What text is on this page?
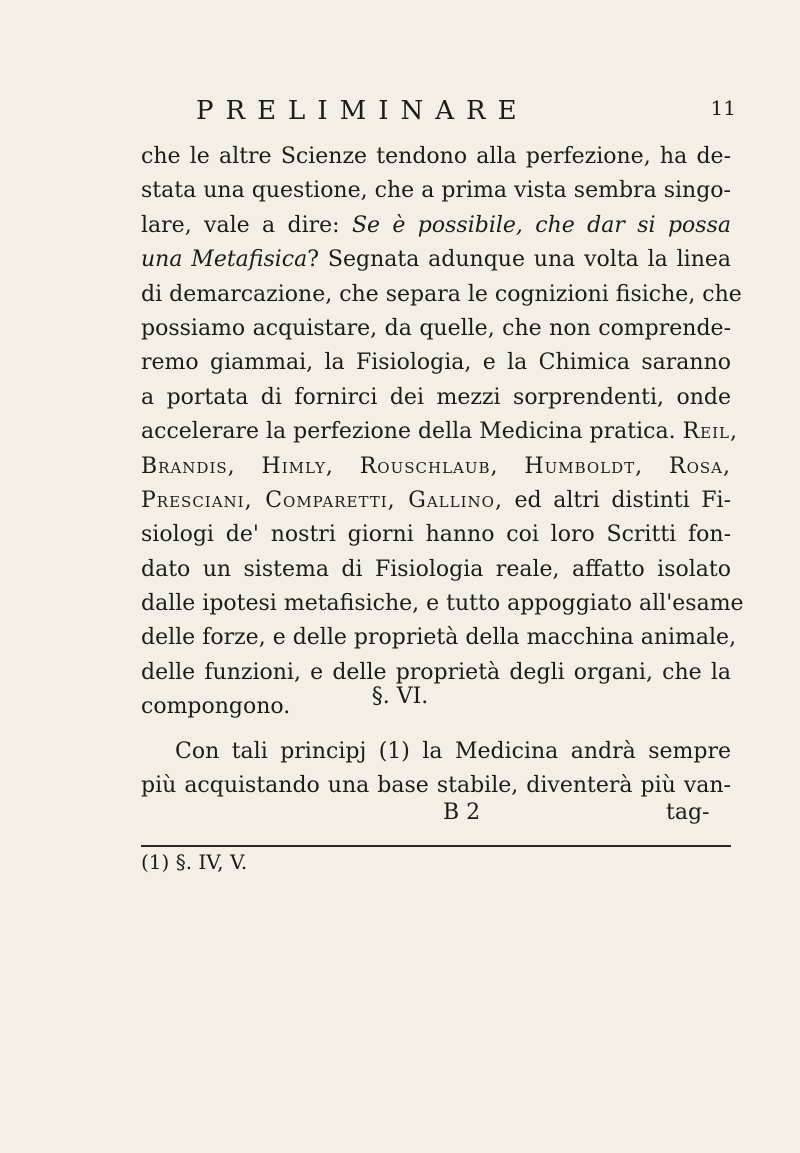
PRELIMINARE	11
che le altre Scienze tendono alla perfezione, ha de-
stata una questione, che a prima vista sembra singo-
lare, vale a dire: Se è possibile, che dar si possa
una Metafisica? Segnata adunque una volta la linea
di demarcazione, che separa le cognizioni fisiche, che
possiamo acquistare, da quelle, che non comprende-
remo giammai, la Fisiologia, e la Chimica saranno
a portata di fornirci dei mezzi sorprendenti, onde
accelerare la perfezione della Medicina pratica. Reil,
Brandis, Himly, Rouschlaub, Humboldt, Rosa,
Presciani, Comparetti, Gallino, ed altri distinti Fi-
siologi de' nostri giorni hanno coi loro Scritti fon-
dato un sistema di Fisiologia reale, affatto isolato
dalle ipotesi metafisiche, e tutto appoggiato all'esame
delle forze, e delle proprietà della macchina animale,
delle funzioni, e delle proprietà degli organi, che la
compongono.	§. VI.
Con tali principj (1) la Medicina andrà sempre
più acquistando una base stabile, diventerà più van-
B 2	tag-
(1) §. IV, V.
